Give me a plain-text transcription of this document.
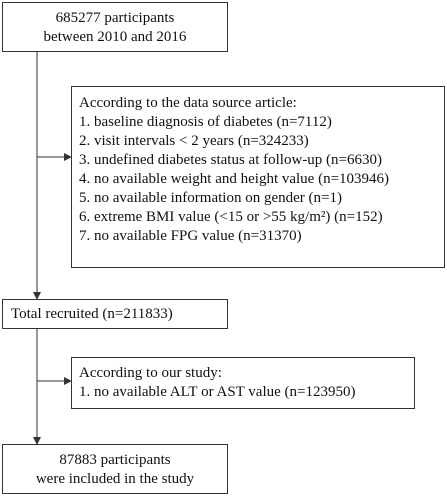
685277 participants
between 2010 and 2016
According to the data source article:
1. baseline diagnosis of diabetes (n=7112)
2. visit intervals < 2 years (n=324233)
3. undefined diabetes status at follow-up (n=6630)
4. no available weight and height value (n=103946)
5. no available information on gender (n=1)
6. extreme BMI value (<15 or >55 kg/m²) (n=152)
7. no available FPG value (n=31370)
Total recruited (n=211833)
According to our study:
1. no available ALT or AST value (n=123950)
87883 participants
were included in the study
